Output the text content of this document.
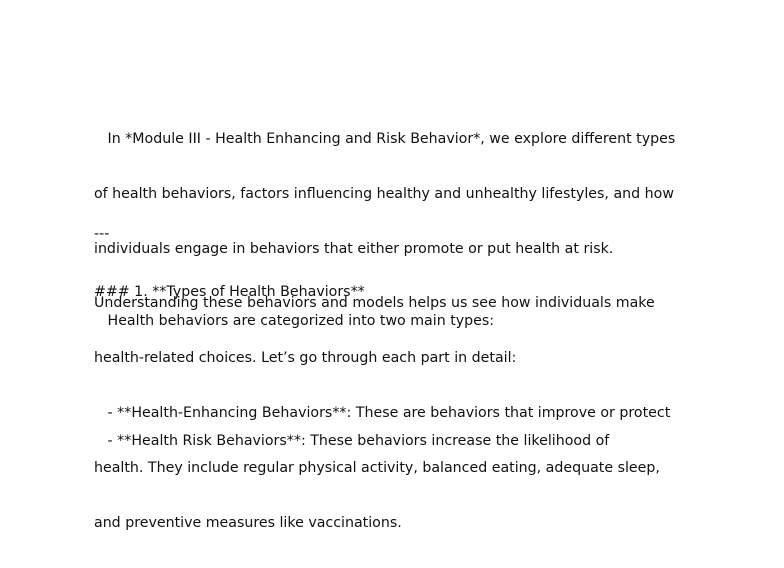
In *Module III - Health Enhancing and Risk Behavior*, we explore different types

of health behaviors, factors influencing healthy and unhealthy lifestyles, and how

individuals engage in behaviors that either promote or put health at risk.

Understanding these behaviors and models helps us see how individuals make

health-related choices. Let’s go through each part in detail:

---
### 1. **Types of Health Behaviors**
Health behaviors are categorized into two main types:

- **Health-Enhancing Behaviors**: These are behaviors that improve or protect

health. They include regular physical activity, balanced eating, adequate sleep,

and preventive measures like vaccinations.

- **Health Risk Behaviors**: These behaviors increase the likelihood of
